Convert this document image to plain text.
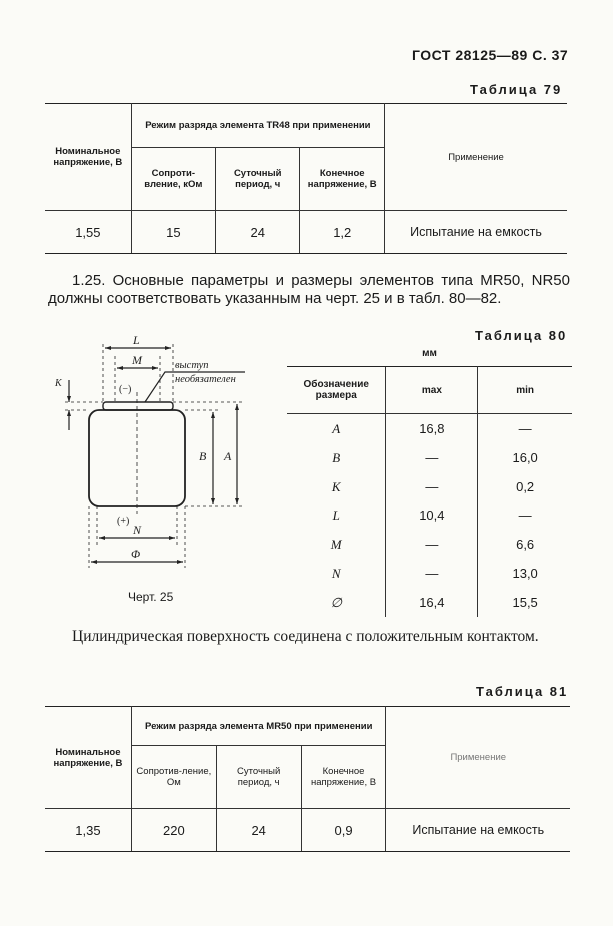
ГОСТ 28125—89 С. 37
Таблица 79
Номинальное напряжение, В	Режим разряда элемента TR48 при применении			Применение
	Сопроти-вление, кОм	Суточный период, ч	Конечное напряжение, В	
1,55	15	24	1,2	Испытание на емкость
1.25. Основные параметры и размеры элементов типа MR50, NR50 должны соответствовать указанным на черт. 25 и в табл. 80—82.
L
M
(−)
K
B A
(+)
N
Φ
выступ
необязателен
Черт. 25
Таблица 80
мм
Обозначение размера	max	min
A	16,8	—
B	—	16,0
K	—	0,2
L	10,4	—
M	—	6,6
N	—	13,0
∅	16,4	15,5
Цилиндрическая поверхность соединена с положительным контактом.
Таблица 81
Номинальное напряжение, В	Режим разряда элемента MR50 при применении			Применение
	Сопротив-ление, Ом	Суточный период, ч	Конечное напряжение, В	
1,35	220	24	0,9	Испытание на емкость
